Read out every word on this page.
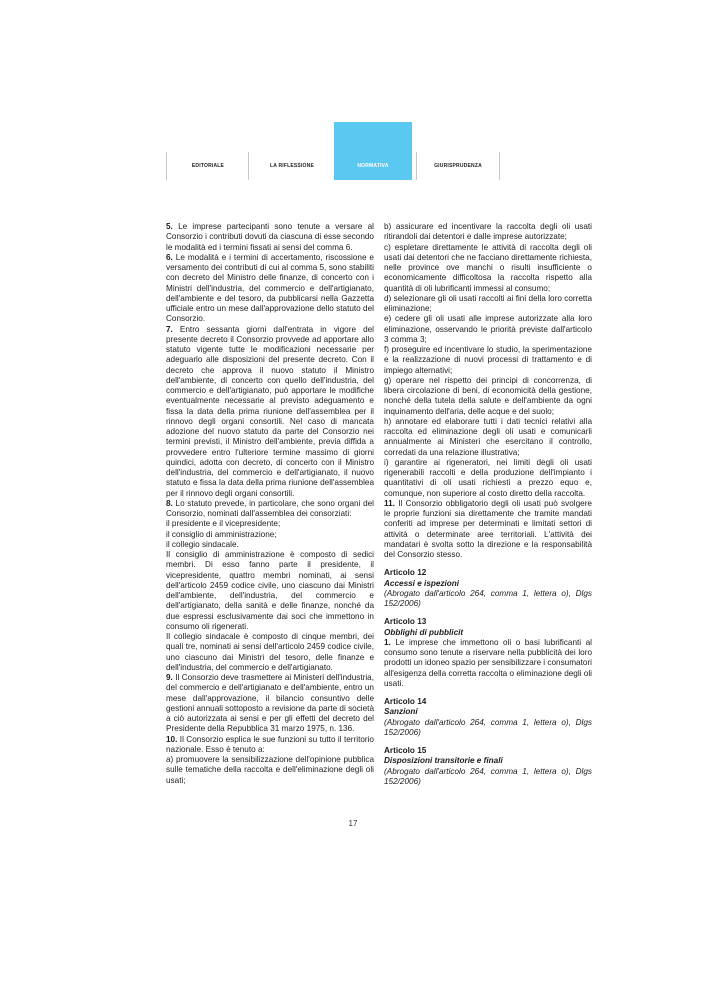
EDITORIALE	LA RIFLESSIONE	NORMATIVA	GIURISPRUDENZA

5. Le imprese partecipanti sono tenute a versare al Consorzio i contributi dovuti da ciascuna di esse secondo le modalità ed i termini fissati ai sensi del comma 6.

6. Le modalità e i termini di accertamento, riscossione e versamento dei contributi di cui al comma 5, sono stabiliti con decreto del Ministro delle finanze, di concerto con i Ministri dell'industria, del commercio e dell'artigianato, dell'ambiente e del tesoro, da pubblicarsi nella Gazzetta ufficiale entro un mese dall'approvazione dello statuto del Consorzio.

7. Entro sessanta giorni dall'entrata in vigore del presente decreto il Consorzio provvede ad apportare allo statuto vigente tutte le modificazioni necessarie per adeguarlo alle disposizioni del presente decreto. Con il decreto che approva il nuovo statuto il Ministro dell'ambiente, di concerto con quello dell'industria, del commercio e dell'artigianato, può apportare le modifiche eventualmente necessarie al previsto adeguamento e fissa la data della prima riunione dell'assemblea per il rinnovo degli organi consortili. Nel caso di mancata adozione del nuovo statuto da parte del Consorzio nei termini previsti, il Ministro dell'ambiente, previa diffida a provvedere entro l'ulteriore termine massimo di giorni quindici, adotta con decreto, di concerto con il Ministro dell'industria, del commercio e dell'artigianato, il nuovo statuto e fissa la data della prima riunione dell'assemblea per il rinnovo degli organi consortili.

8. Lo statuto prevede, in particolare, che sono organi del Consorzio, nominati dall'assemblea dei consorziati:

il presidente e il vicepresidente;

il consiglio di amministrazione;

il collegio sindacale.

Il consiglio di amministrazione è composto di sedici membri. Di esso fanno parte il presidente, il vicepresidente, quattro membri nominati, ai sensi dell'articolo 2459 codice civile, uno ciascuno dai Ministri dell'ambiente, dell'industria, del commercio e dell'artigianato, della sanità e delle finanze, nonché da due espressi esclusivamente dai soci che immettono in consumo oli rigenerati.

Il collegio sindacale è composto di cinque membri, dei quali tre, nominati ai sensi dell'articolo 2459 codice civile, uno ciascuno dai Ministri del tesoro, delle finanze e dell'industria, del commercio e dell'artigianato.

9. Il Consorzio deve trasmettere ai Ministeri dell'industria, del commercio e dell'artigianato e dell'ambiente, entro un mese dall'approvazione, il bilancio consuntivo delle gestioni annuali sottoposto a revisione da parte di società a ciò autorizzata ai sensi e per gli effetti del decreto del Presidente della Repubblica 31 marzo 1975, n. 136.

10. Il Consorzio esplica le sue funzioni su tutto il territorio nazionale. Esso è tenuto a:

a) promuovere la sensibilizzazione dell'opinione pubblica sulle tematiche della raccolta e dell'eliminazione degli oli usati;

b) assicurare ed incentivare la raccolta degli oli usati ritirandoli dai detentori e dalle imprese autorizzate;

c) espletare direttamente le attività di raccolta degli oli usati dai detentori che ne facciano direttamente richiesta, nelle province ove manchi o risulti insufficiente o economicamente difficoltosa la raccolta rispetto alla quantità di oli lubrificanti immessi al consumo;

d) selezionare gli oli usati raccolti ai fini della loro corretta eliminazione;

e) cedere gli oli usati alle imprese autorizzate alla loro eliminazione, osservando le priorità previste dall'articolo 3 comma 3;

f) proseguire ed incentivare lo studio, la sperimentazione e la realizzazione di nuovi processi di trattamento e di impiego alternativi;

g) operare nel rispetto dei principi di concorrenza, di libera circolazione di beni, di economicità della gestione, nonché della tutela della salute e dell'ambiente da ogni inquinamento dell'aria, delle acque e del suolo;

h) annotare ed elaborare tutti i dati tecnici relativi alla raccolta ed eliminazione degli oli usati e comunicarli annualmente ai Ministeri che esercitano il controllo, corredati da una relazione illustrativa;

i) garantire ai rigeneratori, nei limiti degli oli usati rigenerabili raccolti e della produzione dell'impianto i quantitativi di oli usati richiesti a prezzo equo e, comunque, non superiore al costo diretto della raccolta.

11. Il Consorzio obbligatorio degli oli usati può svolgere le proprie funzioni sia direttamente che tramite mandati conferiti ad imprese per determinati e limitati settori di attività o determinate aree territoriali. L'attività dei mandatari è svolta sotto la direzione e la responsabilità del Consorzio stesso.

Articolo 12

Accessi e ispezioni

(Abrogato dall'articolo 264, comma 1, lettera o), Dlgs 152/2006)

Articolo 13

Obblighi di pubblicit

1. Le imprese che immettono oli o basi lubrificanti al consumo sono tenute a riservare nella pubblicità dei loro prodotti un idoneo spazio per sensibilizzare i consumatori all'esigenza della corretta raccolta o eliminazione degli oli usati.

Articolo 14

Sanzioni

(Abrogato dall'articolo 264, comma 1, lettera o), Dlgs 152/2006)

Articolo 15

Disposizioni transitorie e finali

(Abrogato dall'articolo 264, comma 1, lettera o), Dlgs 152/2006)

17
